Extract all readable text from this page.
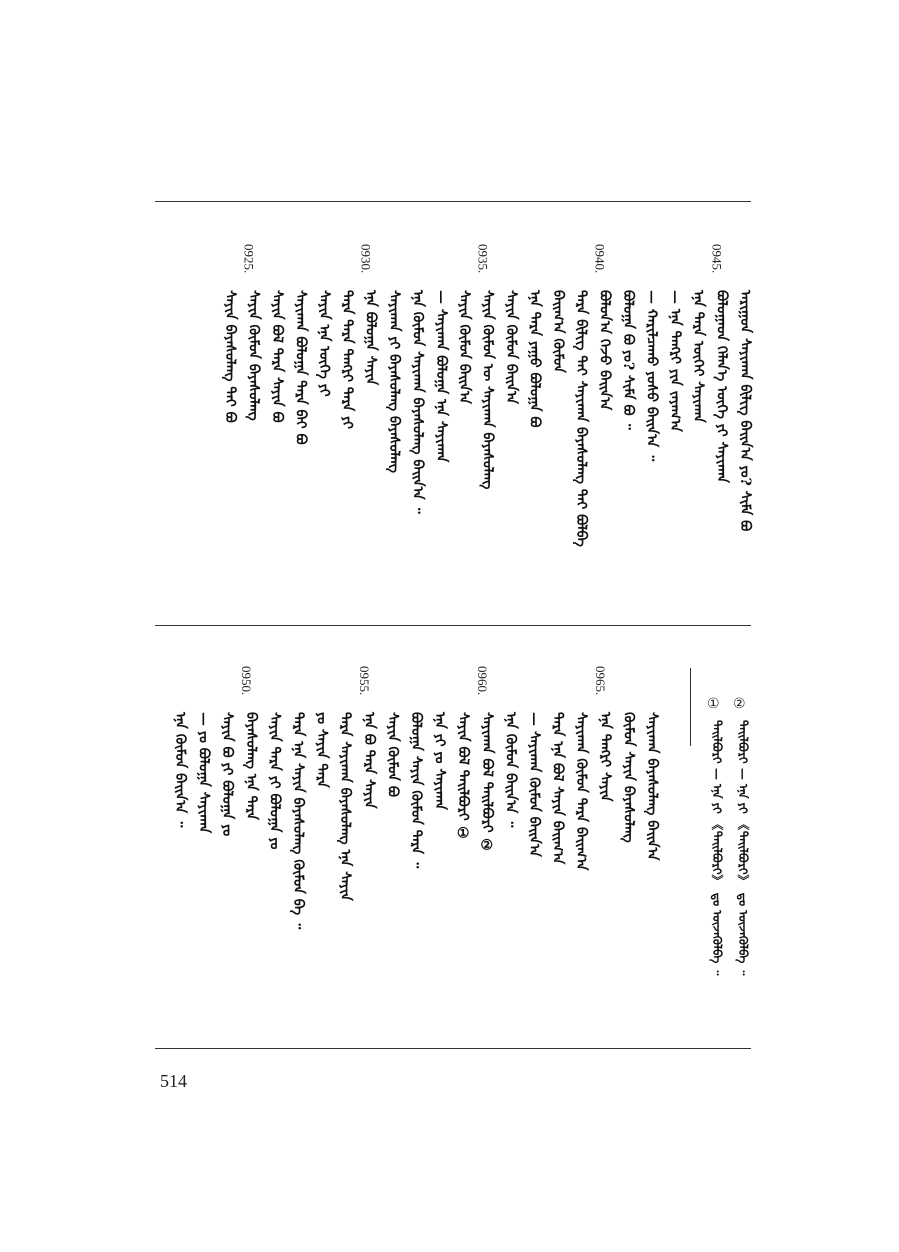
ᠠᠷᠢᠭᠤᠨ ᠰᠠᠶᠢᠬᠠᠨ ᠪᠢᠯᠢᠭ ᠪᠠᠢᠨ᠎ᠠ ᠶᠤ? ᠰᠢᠮᠠ ᠪᠣ
ᠪᠣᠯᠤᠭᠠᠳ ᠬᠡᠯᠡᠨ᠎ᠡ ᠦᠭᠡ ᠶᠢ ᠰᠠᠶᠢᠬᠠᠨ
0945.
ᠡᠨᠡ ᠲᠡᠷᠡ ᠦᠭᠡᠢ ᠰᠠᠶᠢᠬᠠᠨ
— ᠡᠨᠡ ᠲᠡᠩᠷᠢ ᠶᠢᠨ ᠵᠠᠶᠠᠭ᠎ᠠ
— ᠬᠠᠷᠢᠯᠴᠠᠬᠤ ᠶᠤᠰᠤ ᠪᠠᠢᠨ᠎ᠠ ᠃
ᠪᠤᠯᠤᠭᠠ ᠪᠣ ᠶᠤ? ᠰᠢᠮᠠ ᠪᠣ ᠃
ᠪᠣᠯᠤᠨ᠎ᠠ ᠭᠡᠵᠦ ᠪᠠᠢᠨ᠎ᠠ
0940.
ᠲᠡᠷᠡ ᠪᠢᠯᠢᠭ ᠲᠠᠢ ᠰᠠᠶᠢᠬᠠᠨ ᠪᠠᠶᠠᠰᠤᠯᠠᠩ ᠲᠠᠢ ᠪᠣᠯᠪᠠ
ᠪᠠᠢᠭ᠎ᠠ ᠬᠦᠮᠦᠨ
ᠡᠨᠡ ᠲᠡᠷᠡ ᠶᠠᠭᠤ ᠪᠣᠯᠤᠭᠠ ᠪᠣ
ᠰᠠᠶᠢᠨ ᠬᠦᠮᠦᠨ ᠪᠠᠢᠨ᠎ᠠ
ᠰᠠᠶᠢᠨ ᠬᠦᠮᠦᠨ ᠦ ᠰᠠᠶᠢᠬᠠᠨ ᠪᠠᠶᠠᠰᠤᠯᠠᠩ
0935.
ᠰᠠᠶᠢᠨ ᠬᠦᠮᠦᠨ ᠪᠠᠢᠨ᠎ᠠ
— ᠰᠠᠶᠢᠬᠠᠨ ᠪᠣᠯᠤᠭᠠ ᠡᠨᠡ ᠰᠠᠶᠢᠬᠠᠨ
ᠡᠨᠡ ᠬᠦᠮᠦᠨ ᠰᠠᠶᠢᠬᠠᠨ ᠪᠠᠶᠠᠰᠤᠯᠠᠩ ᠪᠠᠢᠨ᠎ᠠ ᠃
ᠰᠠᠶᠢᠬᠠᠨ ᠶᠢ ᠪᠠᠶᠠᠰᠤᠯᠠᠩ ᠪᠠᠶᠠᠰᠤᠯᠠᠩ
ᠡᠨᠡ ᠪᠣᠯᠤᠭᠠ ᠰᠠᠶᠢᠨ
0930.
ᠲᠡᠷᠡ ᠲᠡᠷᠡ ᠲᠡᠩᠷᠢ ᠲᠡᠷᠡ ᠶᠢ
ᠰᠠᠶᠢᠨ ᠡᠨᠡ ᠦᠭᠡ ᠶᠢ
ᠰᠠᠶᠢᠬᠠᠨ ᠪᠣᠯᠤᠭᠠ ᠲᠡᠷᠡ ᠪᠠᠢ ᠪᠣ
ᠰᠠᠶᠢᠨ ᠪᠣᠯ ᠲᠡᠷᠡ ᠰᠠᠶᠢᠨ ᠪᠣ
ᠰᠠᠶᠢᠨ ᠬᠦᠮᠦᠨ ᠪᠠᠶᠠᠰᠤᠯᠠᠩ
0925.
ᠰᠠᠶᠢᠨ ᠪᠠᠶᠠᠰᠤᠯᠠᠩ ᠲᠠᠢ ᠪᠣ
ᠰᠠᠶᠢᠬᠠᠨ ᠪᠠᠶᠠᠰᠤᠯᠠᠩ ᠪᠠᠢᠨ᠎ᠠ
ᠬᠦᠮᠦᠨ ᠰᠠᠶᠢᠨ ᠪᠠᠶᠠᠰᠤᠯᠠᠩ
ᠡᠨᠡ ᠲᠡᠩᠷᠢ ᠰᠠᠶᠢᠨ
0965.
ᠰᠠᠶᠢᠬᠠᠨ ᠬᠦᠮᠦᠨ ᠲᠡᠷᠡ ᠪᠠᠢᠭ᠎ᠠ
ᠲᠡᠷᠡ ᠡᠨᠡ ᠪᠣᠯ ᠰᠠᠶᠢᠨ ᠪᠠᠢᠭ᠎ᠠ
— ᠰᠠᠶᠢᠬᠠᠨ ᠬᠦᠮᠦᠨ ᠪᠠᠢᠨ᠎ᠠ
ᠡᠨᠡ ᠬᠦᠮᠦᠨ ᠪᠠᠢᠨ᠎ᠠ ᠃
ᠰᠠᠶᠢᠬᠠᠨ ᠪᠣᠯ ᠲᠠᠢᠯᠪᠤᠷᠢ ②
0960.
ᠰᠠᠶᠢᠨ ᠪᠣᠯ ᠲᠠᠢᠯᠪᠤᠷᠢ ①
ᠡᠨᠡ ᠶᠢ ᠶᠤ ᠰᠠᠶᠢᠬᠠᠨ
ᠪᠣᠯᠤᠭᠠ ᠰᠠᠶᠢᠨ ᠬᠦᠮᠦᠨ ᠲᠡᠷᠡ ᠃
ᠰᠠᠶᠢᠨ ᠬᠦᠮᠦᠨ ᠪᠣ
ᠡᠨᠡ ᠪᠣ ᠲᠡᠷᠡ ᠰᠠᠶᠢᠨ
0955.
ᠲᠡᠷᠡ ᠰᠠᠶᠢᠬᠠᠨ ᠪᠠᠶᠠᠰᠤᠯᠠᠩ ᠡᠨᠡ ᠰᠠᠶᠢᠨ
ᠶᠤ ᠰᠠᠶᠢᠨ ᠲᠡᠷᠡ
ᠲᠡᠷᠡ ᠡᠨᠡ ᠰᠠᠶᠢᠨ ᠪᠠᠶᠠᠰᠤᠯᠠᠩ ᠬᠦᠮᠦᠨ ᠪᠠ ᠃
ᠰᠠᠶᠢᠨ ᠲᠡᠷᠡ ᠶᠢ ᠪᠣᠯᠤᠭᠠ ᠶᠤ
ᠪᠠᠶᠠᠰᠤᠯᠠᠩ ᠡᠨᠡ ᠲᠡᠷᠡ
0950.
ᠰᠠᠶᠢᠨ ᠪᠣ ᠶᠢ ᠪᠣᠯᠤᠭᠠ ᠶᠤ
— ᠶᠤ ᠪᠣᠯᠤᠭᠠ ᠰᠠᠶᠢᠬᠠᠨ
ᠡᠨᠡ ᠬᠦᠮᠦᠨ ᠪᠠᠢᠨ᠎ᠠ ᠃
②
ᠲᠠᠢᠯᠪᠤᠷᠢ — ᠡᠨᠡ ᠶᠢ 《ᠲᠠᠢᠯᠪᠤᠷᠢ》 ᠳᠤ ᠦᠵᠡᠭᠦᠯᠪᠡ ᠃
①
ᠲᠠᠢᠯᠪᠤᠷᠢ — ᠡᠨᠡ ᠶᠢ 《ᠲᠠᠢᠯᠪᠤᠷᠢ》 ᠳᠤ ᠦᠵᠡᠭᠦᠯᠪᠡ ᠃
514
